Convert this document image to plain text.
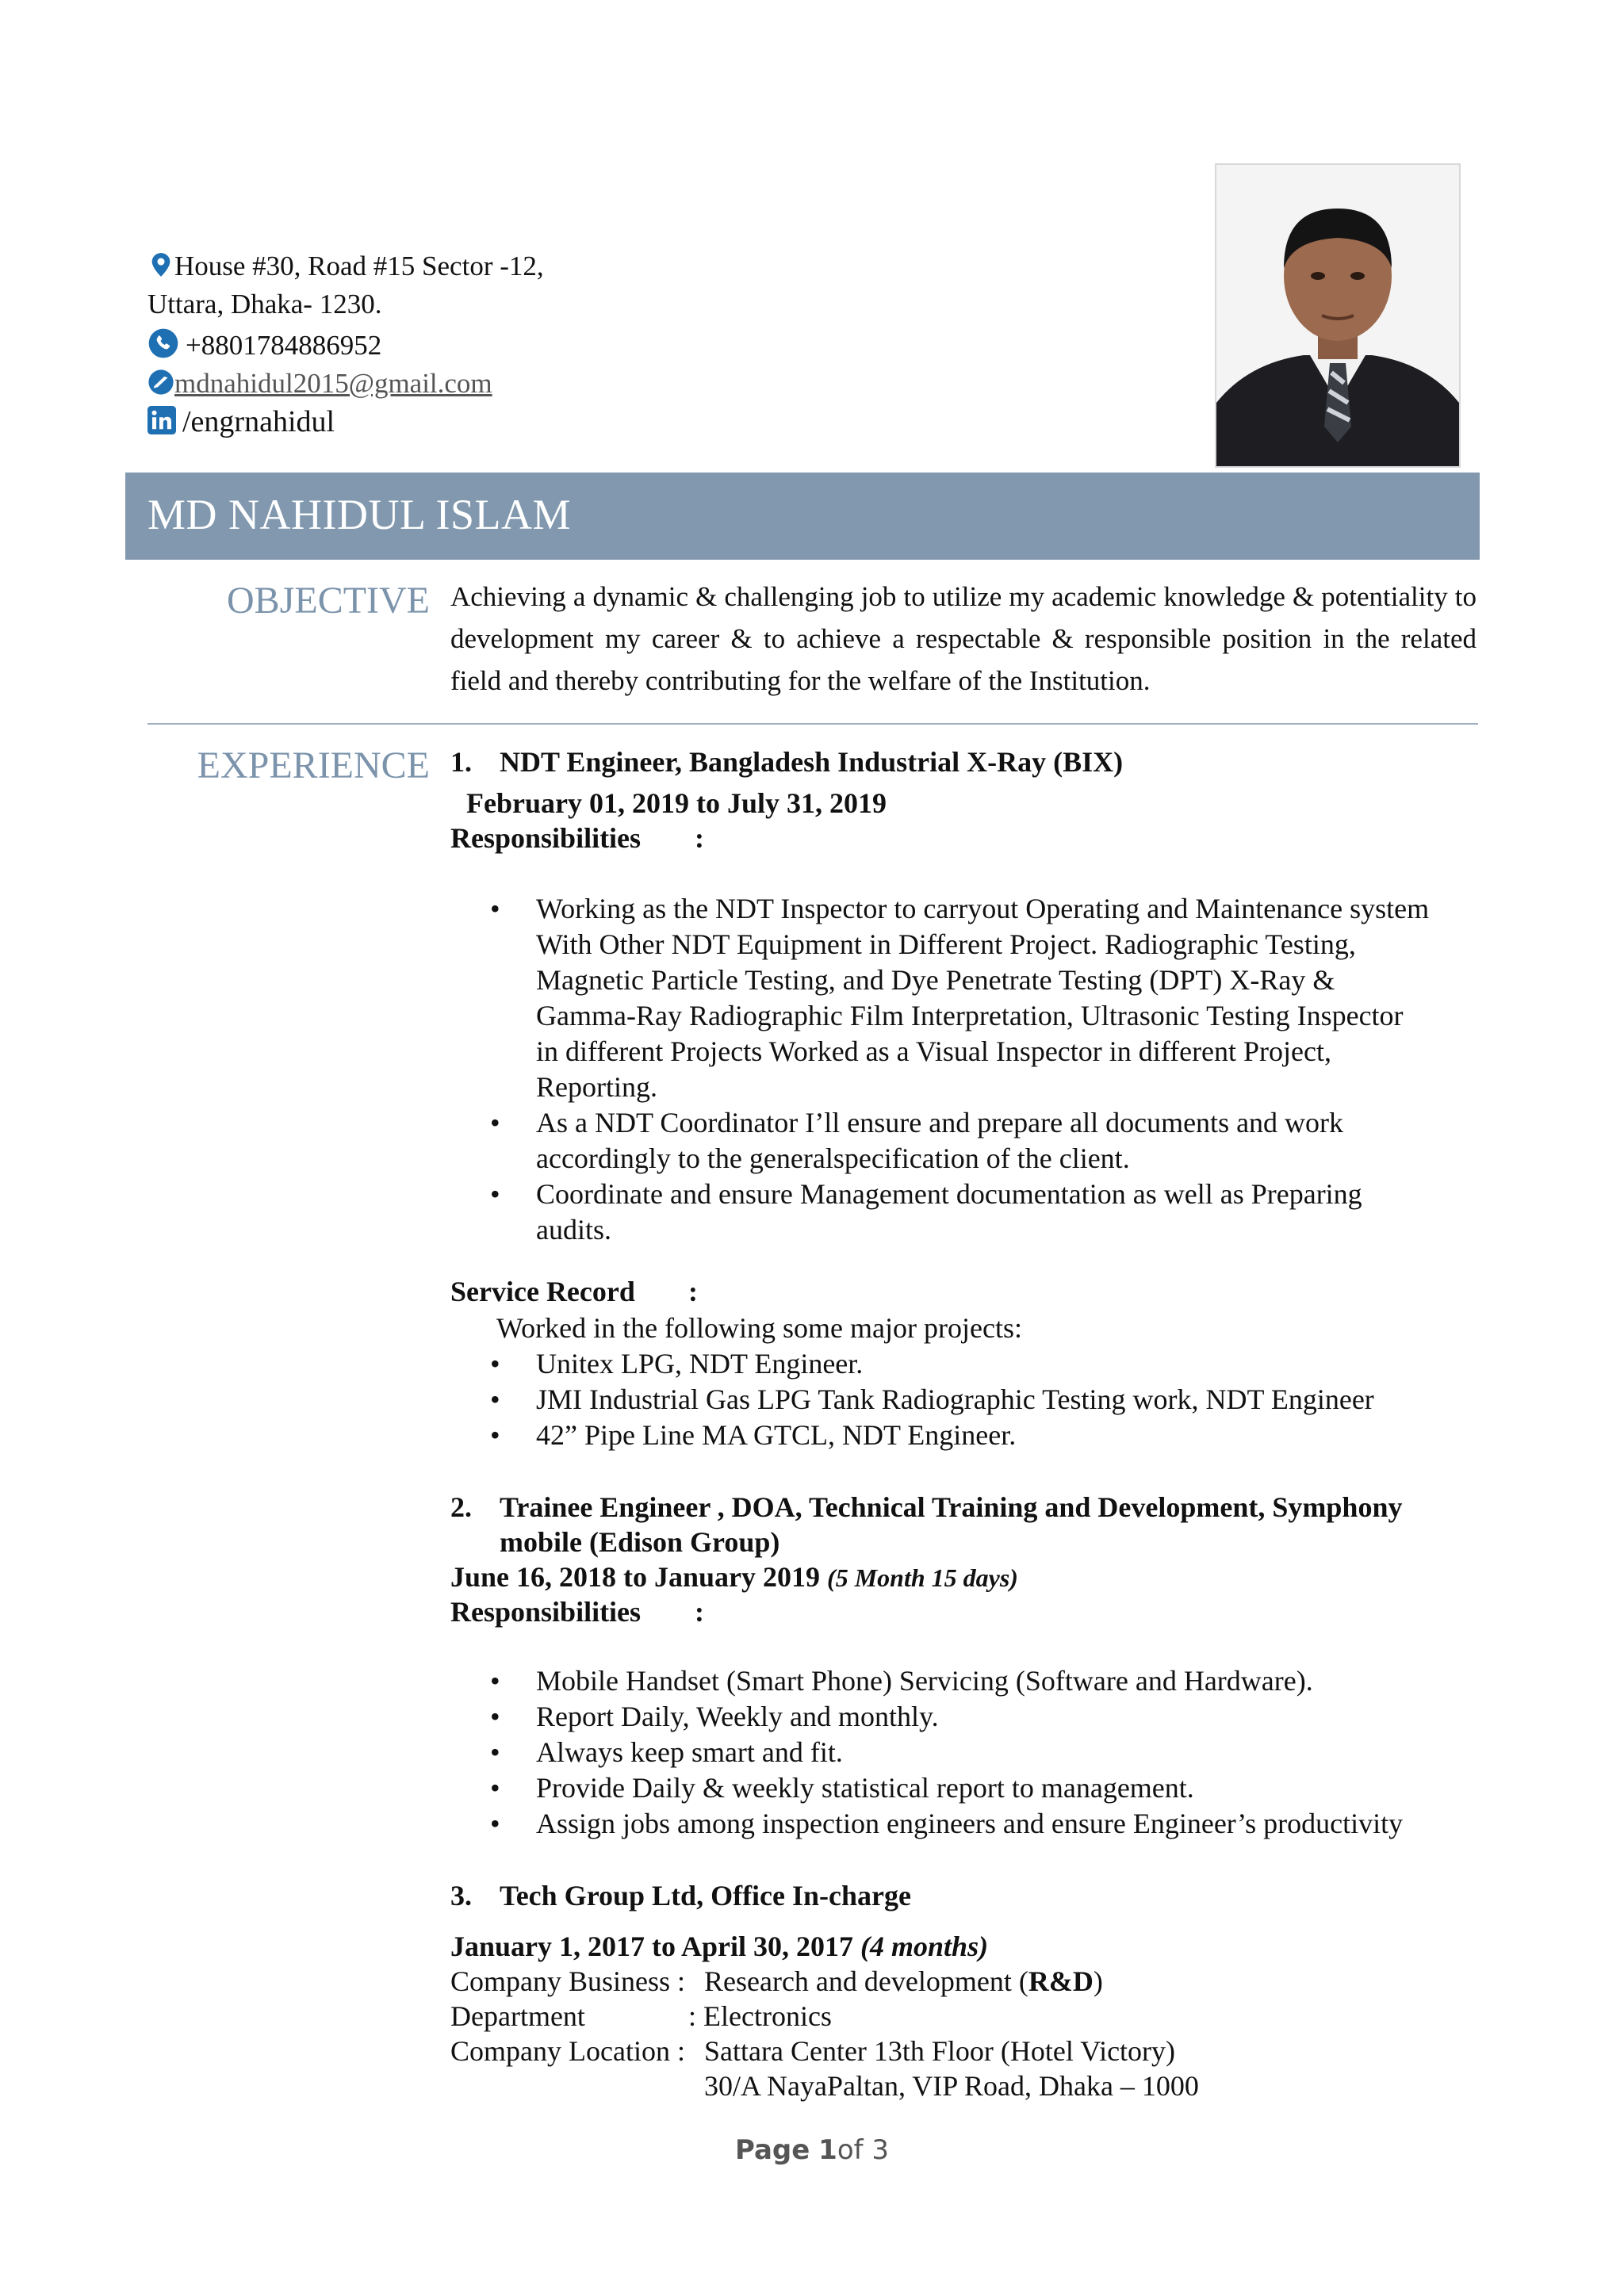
House #30, Road #15 Sector -12,
Uttara, Dhaka- 1230.
+8801784886952
mdnahidul2015@gmail.com
/engrnahidul
MD NAHIDUL ISLAM
OBJECTIVE Achieving a dynamic & challenging job to utilize my academic knowledge & potentiality to development my career & to achieve a respectable & responsible position in the related field and thereby contributing for the welfare of the Institution.
EXPERIENCE 1. NDT Engineer, Bangladesh Industrial X-Ray (BIX)
February 01, 2019 to July 31, 2019
Responsibilities :
• Working as the NDT Inspector to carryout Operating and Maintenance system
With Other NDT Equipment in Different Project. Radiographic Testing,
Magnetic Particle Testing, and Dye Penetrate Testing (DPT) X-Ray &
Gamma-Ray Radiographic Film Interpretation, Ultrasonic Testing Inspector
in different Projects Worked as a Visual Inspector in different Project,
Reporting.
• As a NDT Coordinator I’ll ensure and prepare all documents and work
accordingly to the generalspecification of the client.
• Coordinate and ensure Management documentation as well as Preparing
audits.
Service Record :
Worked in the following some major projects:
• Unitex LPG, NDT Engineer.
• JMI Industrial Gas LPG Tank Radiographic Testing work, NDT Engineer
• 42” Pipe Line MA GTCL, NDT Engineer.
2. Trainee Engineer , DOA, Technical Training and Development, Symphony
mobile (Edison Group)
June 16, 2018 to January 2019 (5 Month 15 days)
Responsibilities :
• Mobile Handset (Smart Phone) Servicing (Software and Hardware).
• Report Daily, Weekly and monthly.
• Always keep smart and fit.
• Provide Daily & weekly statistical report to management.
• Assign jobs among inspection engineers and ensure Engineer’s productivity
3. Tech Group Ltd, Office In-charge
January 1, 2017 to April 30, 2017 (4 months)
Company Business : Research and development (R&D)
Department	: Electronics
Company Location : Sattara Center 13th Floor (Hotel Victory)
30/A NayaPaltan, VIP Road, Dhaka – 1000
Page 1of 3
